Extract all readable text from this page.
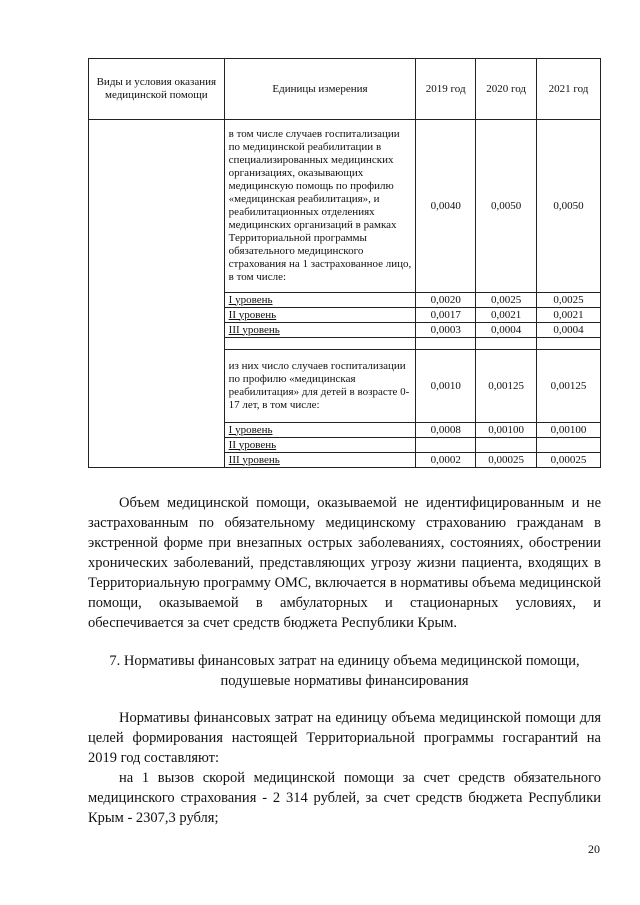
Виды и условия оказания медицинской помощи	Единицы измерения	2019 год	2020 год	2021 год
	в том числе случаев госпитализации по медицинской реабилитации в специализированных медицинских организациях, оказывающих медицинскую помощь по профилю «медицинская реабилитация», и реабилитационных отделениях медицинских организаций в рамках Территориальной программы обязательного медицинского страхования на 1 застрахованное лицо, в том числе:	0,0040	0,0050	0,0050
	I уровень	0,0020	0,0025	0,0025
	II уровень	0,0017	0,0021	0,0021
	III уровень	0,0003	0,0004	0,0004

	из них число случаев госпитализации по профилю «медицинская реабилитация» для детей в возрасте 0-17 лет, в том числе:	0,0010	0,00125	0,00125
	I уровень	0,0008	0,00100	0,00100
	II уровень			
	III уровень	0,0002	0,00025	0,00025

Объем медицинской помощи, оказываемой не идентифицированным и не застрахованным по обязательному медицинскому страхованию гражданам в экстренной форме при внезапных острых заболеваниях, состояниях, обострении хронических заболеваний, представляющих угрозу жизни пациента, входящих в Территориальную программу ОМС, включается в нормативы объема медицинской помощи, оказываемой в амбулаторных и стационарных условиях, и обеспечивается за счет средств бюджета Республики Крым.

7. Нормативы финансовых затрат на единицу объема медицинской помощи, подушевые нормативы финансирования

Нормативы финансовых затрат на единицу объема медицинской помощи для целей формирования настоящей Территориальной программы госгарантий на 2019 год составляют:

на 1 вызов скорой медицинской помощи за счет средств обязательного медицинского страхования - 2 314 рублей, за счет средств бюджета Республики Крым - 2307,3 рубля;

20
